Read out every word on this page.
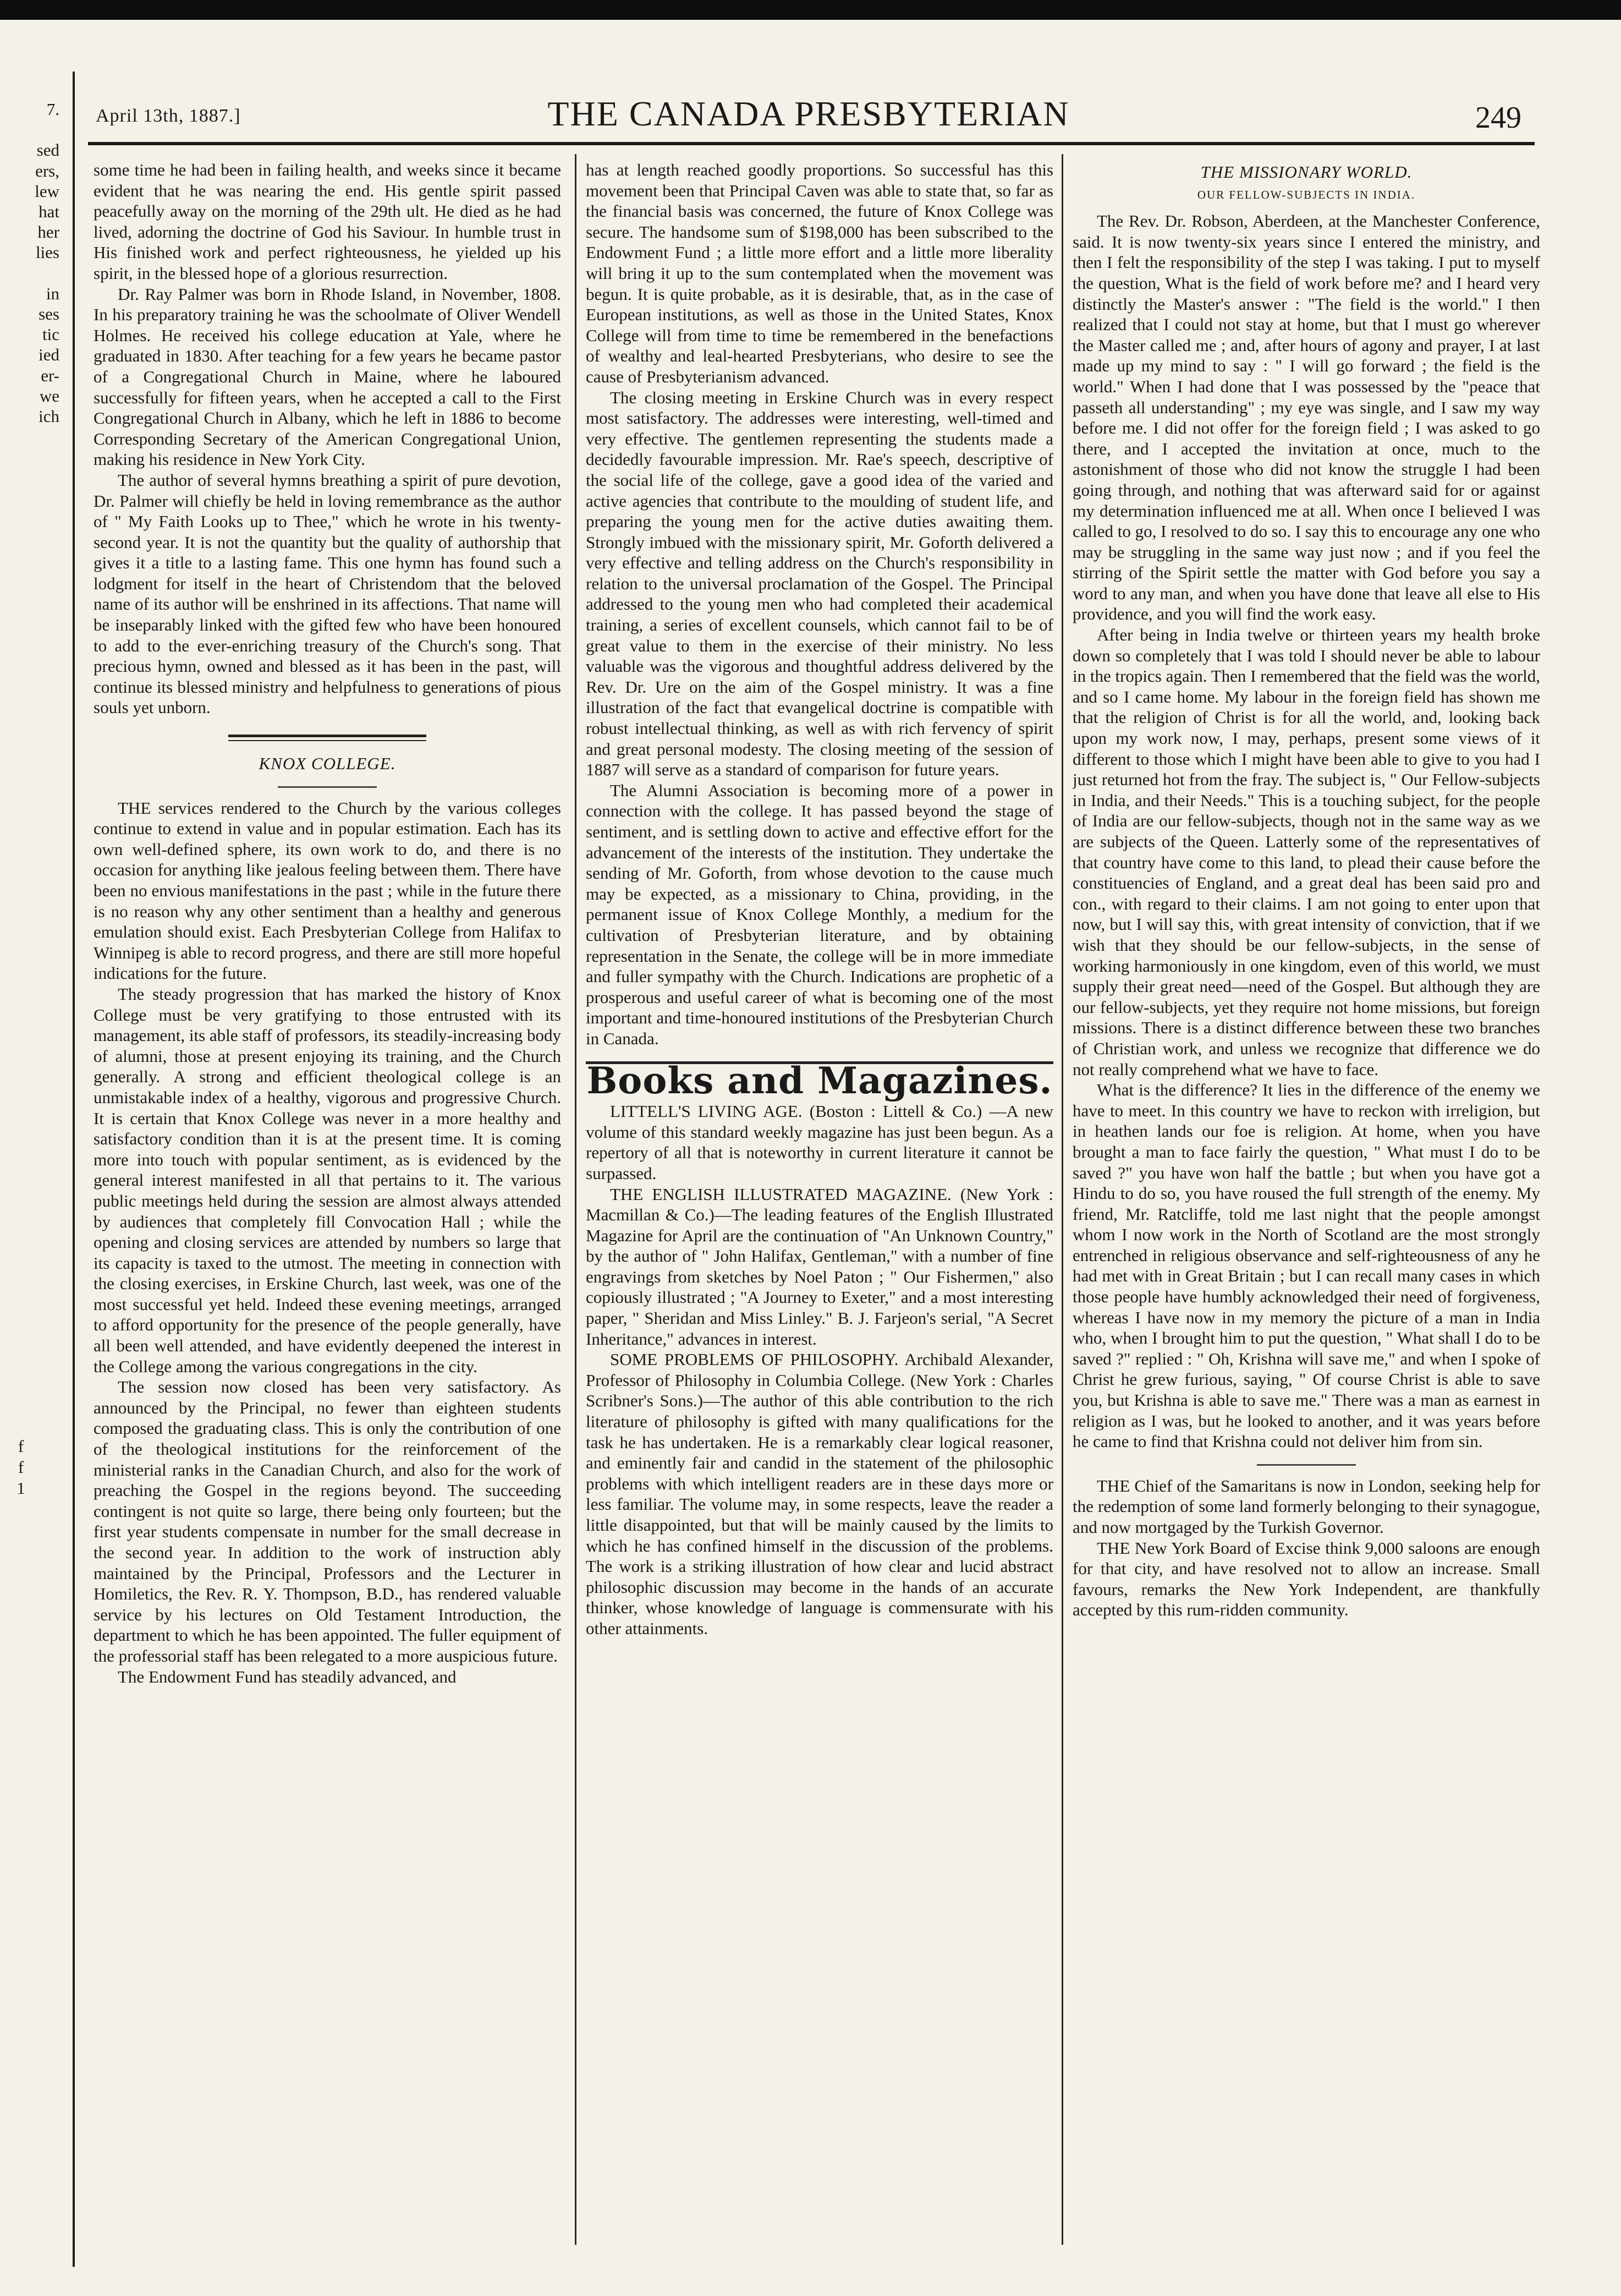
7.

sed
ers,
lew
hat
her
lies

in
ses
tic
ied
er-
we
ich
f
f
1
April 13th, 1887.]	THE CANADA PRESBYTERIAN	249

some time he had been in failing health, and weeks since it became evident that he was nearing the end. His gentle spirit passed peacefully away on the morning of the 29th ult. He died as he had lived, adorning the doctrine of God his Saviour. In humble trust in His finished work and perfect righteousness, he yielded up his spirit, in the blessed hope of a glorious resurrection.

Dr. Ray Palmer was born in Rhode Island, in November, 1808. In his preparatory training he was the schoolmate of Oliver Wendell Holmes. He received his college education at Yale, where he graduated in 1830. After teaching for a few years he became pastor of a Congregational Church in Maine, where he laboured successfully for fifteen years, when he accepted a call to the First Congregational Church in Albany, which he left in 1886 to become Corresponding Secretary of the American Congregational Union, making his residence in New York City.

The author of several hymns breathing a spirit of pure devotion, Dr. Palmer will chiefly be held in loving remembrance as the author of " My Faith Looks up to Thee," which he wrote in his twenty-second year. It is not the quantity but the quality of authorship that gives it a title to a lasting fame. This one hymn has found such a lodgment for itself in the heart of Christendom that the beloved name of its author will be enshrined in its affections. That name will be inseparably linked with the gifted few who have been honoured to add to the ever-enriching treasury of the Church's song. That precious hymn, owned and blessed as it has been in the past, will continue its blessed ministry and helpfulness to generations of pious souls yet unborn.

KNOX COLLEGE.

THE services rendered to the Church by the various colleges continue to extend in value and in popular estimation. Each has its own well-defined sphere, its own work to do, and there is no occasion for anything like jealous feeling between them. There have been no envious manifestations in the past ; while in the future there is no reason why any other sentiment than a healthy and generous emulation should exist. Each Presbyterian College from Halifax to Winnipeg is able to record progress, and there are still more hopeful indications for the future.

The steady progression that has marked the history of Knox College must be very gratifying to those entrusted with its management, its able staff of professors, its steadily-increasing body of alumni, those at present enjoying its training, and the Church generally. A strong and efficient theological college is an unmistakable index of a healthy, vigorous and progressive Church. It is certain that Knox College was never in a more healthy and satisfactory condition than it is at the present time. It is coming more into touch with popular sentiment, as is evidenced by the general interest manifested in all that pertains to it. The various public meetings held during the session are almost always attended by audiences that completely fill Convocation Hall ; while the opening and closing services are attended by numbers so large that its capacity is taxed to the utmost. The meeting in connection with the closing exercises, in Erskine Church, last week, was one of the most successful yet held. Indeed these evening meetings, arranged to afford opportunity for the presence of the people generally, have all been well attended, and have evidently deepened the interest in the College among the various congregations in the city.

The session now closed has been very satisfactory. As announced by the Principal, no fewer than eighteen students composed the graduating class. This is only the contribution of one of the theological institutions for the reinforcement of the ministerial ranks in the Canadian Church, and also for the work of preaching the Gospel in the regions beyond. The succeeding contingent is not quite so large, there being only fourteen; but the first year students compensate in number for the small decrease in the second year. In addition to the work of instruction ably maintained by the Principal, Professors and the Lecturer in Homiletics, the Rev. R. Y. Thompson, B.D., has rendered valuable service by his lectures on Old Testament Introduction, the department to which he has been appointed. The fuller equipment of the professorial staff has been relegated to a more auspicious future.

The Endowment Fund has steadily advanced, and

has at length reached goodly proportions. So successful has this movement been that Principal Caven was able to state that, so far as the financial basis was concerned, the future of Knox College was secure. The handsome sum of $198,000 has been subscribed to the Endowment Fund ; a little more effort and a little more liberality will bring it up to the sum contemplated when the movement was begun. It is quite probable, as it is desirable, that, as in the case of European institutions, as well as those in the United States, Knox College will from time to time be remembered in the benefactions of wealthy and leal-hearted Presbyterians, who desire to see the cause of Presbyterianism advanced.

The closing meeting in Erskine Church was in every respect most satisfactory. The addresses were interesting, well-timed and very effective. The gentlemen representing the students made a decidedly favourable impression. Mr. Rae's speech, descriptive of the social life of the college, gave a good idea of the varied and active agencies that contribute to the moulding of student life, and preparing the young men for the active duties awaiting them. Strongly imbued with the missionary spirit, Mr. Goforth delivered a very effective and telling address on the Church's responsibility in relation to the universal proclamation of the Gospel. The Principal addressed to the young men who had completed their academical training, a series of excellent counsels, which cannot fail to be of great value to them in the exercise of their ministry. No less valuable was the vigorous and thoughtful address delivered by the Rev. Dr. Ure on the aim of the Gospel ministry. It was a fine illustration of the fact that evangelical doctrine is compatible with robust intellectual thinking, as well as with rich fervency of spirit and great personal modesty. The closing meeting of the session of 1887 will serve as a standard of comparison for future years.

The Alumni Association is becoming more of a power in connection with the college. It has passed beyond the stage of sentiment, and is settling down to active and effective effort for the advancement of the interests of the institution. They undertake the sending of Mr. Goforth, from whose devotion to the cause much may be expected, as a missionary to China, providing, in the permanent issue of Knox College Monthly, a medium for the cultivation of Presbyterian literature, and by obtaining representation in the Senate, the college will be in more immediate and fuller sympathy with the Church. Indications are prophetic of a prosperous and useful career of what is becoming one of the most important and time-honoured institutions of the Presbyterian Church in Canada.

Books and Magazines.

LITTELL'S LIVING AGE. (Boston : Littell & Co.) —A new volume of this standard weekly magazine has just been begun. As a repertory of all that is noteworthy in current literature it cannot be surpassed.

THE ENGLISH ILLUSTRATED MAGAZINE. (New York : Macmillan & Co.)—The leading features of the English Illustrated Magazine for April are the continuation of "An Unknown Country," by the author of " John Halifax, Gentleman," with a number of fine engravings from sketches by Noel Paton ; " Our Fishermen," also copiously illustrated ; "A Journey to Exeter," and a most interesting paper, " Sheridan and Miss Linley." B. J. Farjeon's serial, "A Secret Inheritance," advances in interest.

SOME PROBLEMS OF PHILOSOPHY. Archibald Alexander, Professor of Philosophy in Columbia College. (New York : Charles Scribner's Sons.)—The author of this able contribution to the rich literature of philosophy is gifted with many qualifications for the task he has undertaken. He is a remarkably clear logical reasoner, and eminently fair and candid in the statement of the philosophic problems with which intelligent readers are in these days more or less familiar. The volume may, in some respects, leave the reader a little disappointed, but that will be mainly caused by the limits to which he has confined himself in the discussion of the problems. The work is a striking illustration of how clear and lucid abstract philosophic discussion may become in the hands of an accurate thinker, whose knowledge of language is commensurate with his other attainments.

THE MISSIONARY WORLD.
OUR FELLOW-SUBJECTS IN INDIA.

The Rev. Dr. Robson, Aberdeen, at the Manchester Conference, said. It is now twenty-six years since I entered the ministry, and then I felt the responsibility of the step I was taking. I put to myself the question, What is the field of work before me? and I heard very distinctly the Master's answer : "The field is the world." I then realized that I could not stay at home, but that I must go wherever the Master called me ; and, after hours of agony and prayer, I at last made up my mind to say : " I will go forward ; the field is the world." When I had done that I was possessed by the "peace that passeth all understanding" ; my eye was single, and I saw my way before me. I did not offer for the foreign field ; I was asked to go there, and I accepted the invitation at once, much to the astonishment of those who did not know the struggle I had been going through, and nothing that was afterward said for or against my determination influenced me at all. When once I believed I was called to go, I resolved to do so. I say this to encourage any one who may be struggling in the same way just now ; and if you feel the stirring of the Spirit settle the matter with God before you say a word to any man, and when you have done that leave all else to His providence, and you will find the work easy.

After being in India twelve or thirteen years my health broke down so completely that I was told I should never be able to labour in the tropics again. Then I remembered that the field was the world, and so I came home. My labour in the foreign field has shown me that the religion of Christ is for all the world, and, looking back upon my work now, I may, perhaps, present some views of it different to those which I might have been able to give to you had I just returned hot from the fray. The subject is, " Our Fellow-subjects in India, and their Needs." This is a touching subject, for the people of India are our fellow-subjects, though not in the same way as we are subjects of the Queen. Latterly some of the representatives of that country have come to this land, to plead their cause before the constituencies of England, and a great deal has been said pro and con., with regard to their claims. I am not going to enter upon that now, but I will say this, with great intensity of conviction, that if we wish that they should be our fellow-subjects, in the sense of working harmoniously in one kingdom, even of this world, we must supply their great need—need of the Gospel. But although they are our fellow-subjects, yet they require not home missions, but foreign missions. There is a distinct difference between these two branches of Christian work, and unless we recognize that difference we do not really comprehend what we have to face.

What is the difference? It lies in the difference of the enemy we have to meet. In this country we have to reckon with irreligion, but in heathen lands our foe is religion. At home, when you have brought a man to face fairly the question, " What must I do to be saved ?" you have won half the battle ; but when you have got a Hindu to do so, you have roused the full strength of the enemy. My friend, Mr. Ratcliffe, told me last night that the people amongst whom I now work in the North of Scotland are the most strongly entrenched in religious observance and self-righteousness of any he had met with in Great Britain ; but I can recall many cases in which those people have humbly acknowledged their need of forgiveness, whereas I have now in my memory the picture of a man in India who, when I brought him to put the question, " What shall I do to be saved ?" replied : " Oh, Krishna will save me," and when I spoke of Christ he grew furious, saying, " Of course Christ is able to save you, but Krishna is able to save me." There was a man as earnest in religion as I was, but he looked to another, and it was years before he came to find that Krishna could not deliver him from sin.

THE Chief of the Samaritans is now in London, seeking help for the redemption of some land formerly belonging to their synagogue, and now mortgaged by the Turkish Governor.

THE New York Board of Excise think 9,000 saloons are enough for that city, and have resolved not to allow an increase. Small favours, remarks the New York Independent, are thankfully accepted by this rum-ridden community.
